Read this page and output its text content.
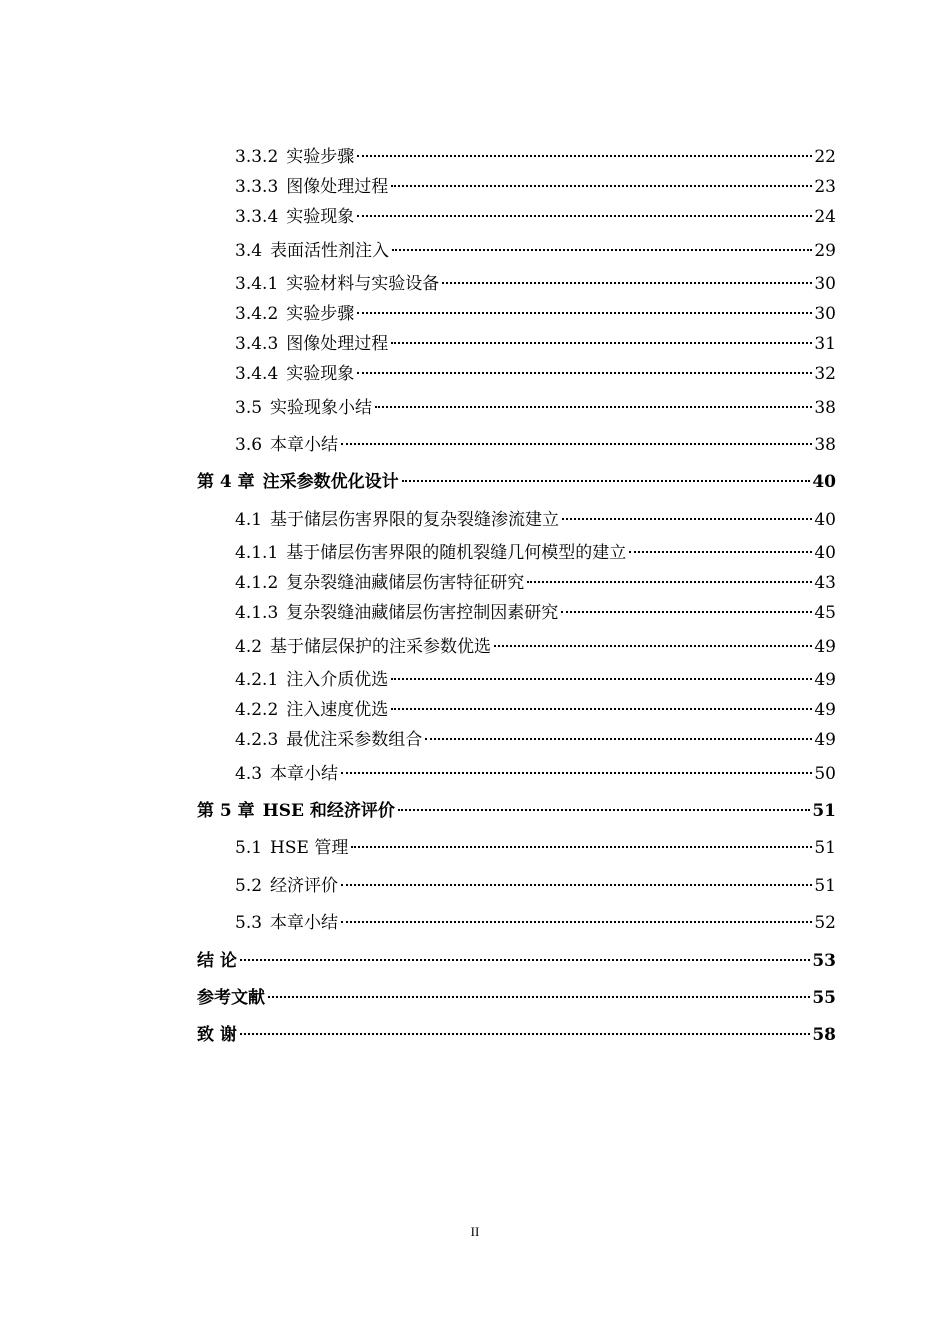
3.3.2 实验步骤	22
3.3.3 图像处理过程	23
3.3.4 实验现象	24
3.4 表面活性剂注入	29
3.4.1 实验材料与实验设备	30
3.4.2 实验步骤	30
3.4.3 图像处理过程	31
3.4.4 实验现象	32
3.5 实验现象小结	38
3.6 本章小结	38
第 4 章 注采参数优化设计	40
4.1 基于储层伤害界限的复杂裂缝渗流建立	40
4.1.1 基于储层伤害界限的随机裂缝几何模型的建立	40
4.1.2 复杂裂缝油藏储层伤害特征研究	43
4.1.3 复杂裂缝油藏储层伤害控制因素研究	45
4.2 基于储层保护的注采参数优选	49
4.2.1 注入介质优选	49
4.2.2 注入速度优选	49
4.2.3 最优注采参数组合	49
4.3 本章小结	50
第 5 章 HSE 和经济评价	51
5.1 HSE 管理	51
5.2 经济评价	51
5.3 本章小结	52
结 论	53
参考文献	55
致 谢	58
II
